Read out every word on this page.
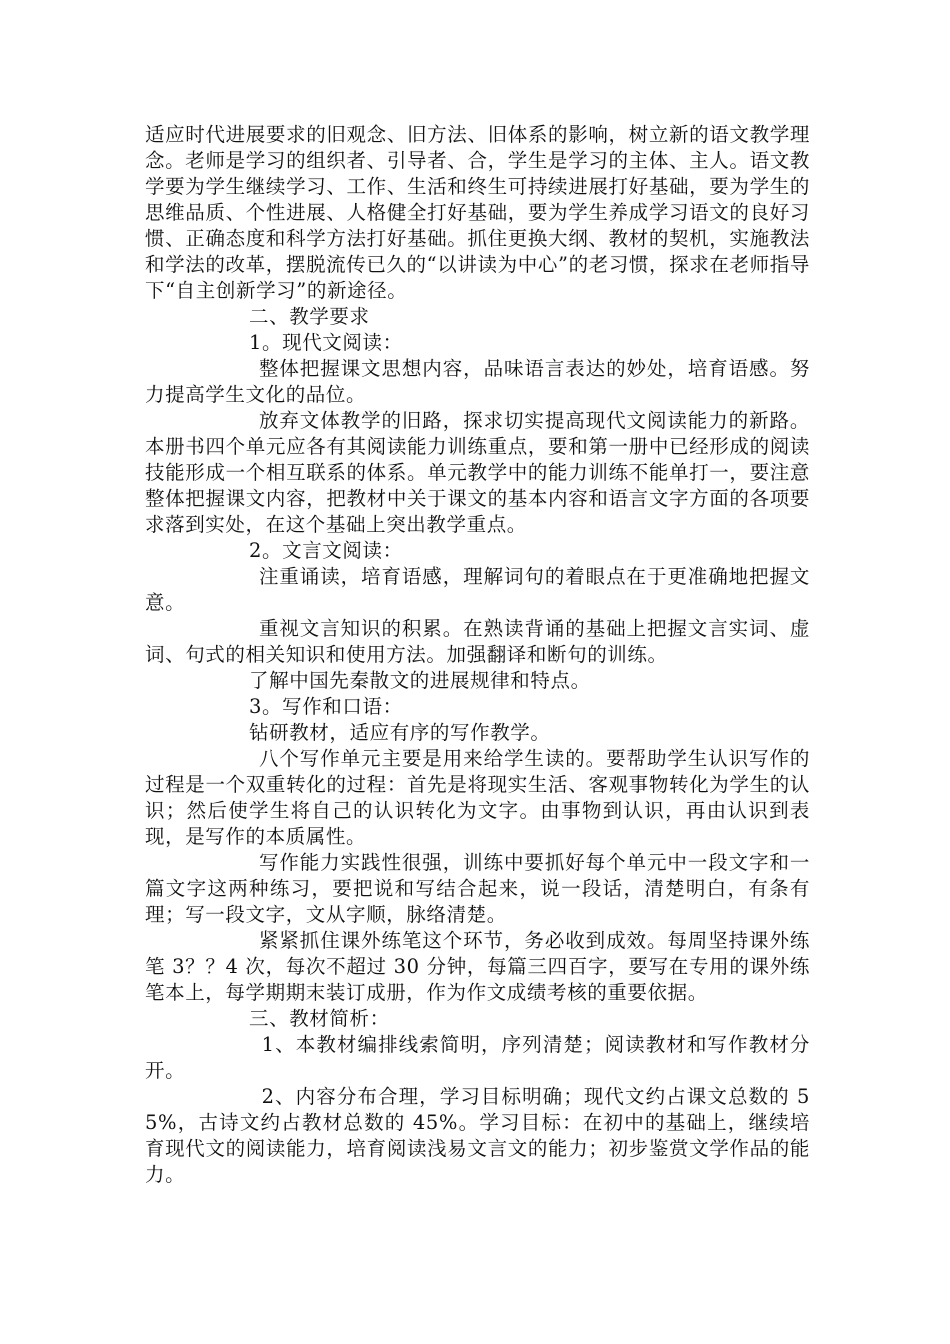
适应时代进展要求的旧观念、旧方法、旧体系的影响，树立新的语文教学理念。老师是学习的组织者、引导者、合，学生是学习的主体、主人。语文教学要为学生继续学习、工作、生活和终生可持续进展打好基础，要为学生的思维品质、个性进展、人格健全打好基础，要为学生养成学习语文的良好习惯、正确态度和科学方法打好基础。抓住更换大纲、教材的契机，实施教法和学法的改革，摆脱流传已久的“以讲读为中心”的老习惯，探求在老师指导下“自主创新学习”的新途径。

二、教学要求

1。现代文阅读：

整体把握课文思想内容，品味语言表达的妙处，培育语感。努力提高学生文化的品位。

放弃文体教学的旧路，探求切实提高现代文阅读能力的新路。本册书四个单元应各有其阅读能力训练重点，要和第一册中已经形成的阅读技能形成一个相互联系的体系。单元教学中的能力训练不能单打一，要注意整体把握课文内容，把教材中关于课文的基本内容和语言文字方面的各项要求落到实处，在这个基础上突出教学重点。

2。文言文阅读：

注重诵读，培育语感，理解词句的着眼点在于更准确地把握文意。

重视文言知识的积累。在熟读背诵的基础上把握文言实词、虚词、句式的相关知识和使用方法。加强翻译和断句的训练。

了解中国先秦散文的进展规律和特点。

3。写作和口语：

钻研教材，适应有序的写作教学。

八个写作单元主要是用来给学生读的。要帮助学生认识写作的过程是一个双重转化的过程：首先是将现实生活、客观事物转化为学生的认识；然后使学生将自己的认识转化为文字。由事物到认识，再由认识到表现，是写作的本质属性。

写作能力实践性很强，训练中要抓好每个单元中一段文字和一篇文字这两种练习，要把说和写结合起来，说一段话，清楚明白，有条有理；写一段文字，文从字顺，脉络清楚。

紧紧抓住课外练笔这个环节，务必收到成效。每周坚持课外练笔 3？？4 次，每次不超过 30 分钟，每篇三四百字，要写在专用的课外练笔本上，每学期期末装订成册，作为作文成绩考核的重要依据。

三、教材简析：

1、本教材编排线索简明，序列清楚；阅读教材和写作教材分开。

2、内容分布合理，学习目标明确；现代文约占课文总数的 55%，古诗文约占教材总数的 45%。学习目标：在初中的基础上，继续培育现代文的阅读能力，培育阅读浅易文言文的能力；初步鉴赏文学作品的能力。
